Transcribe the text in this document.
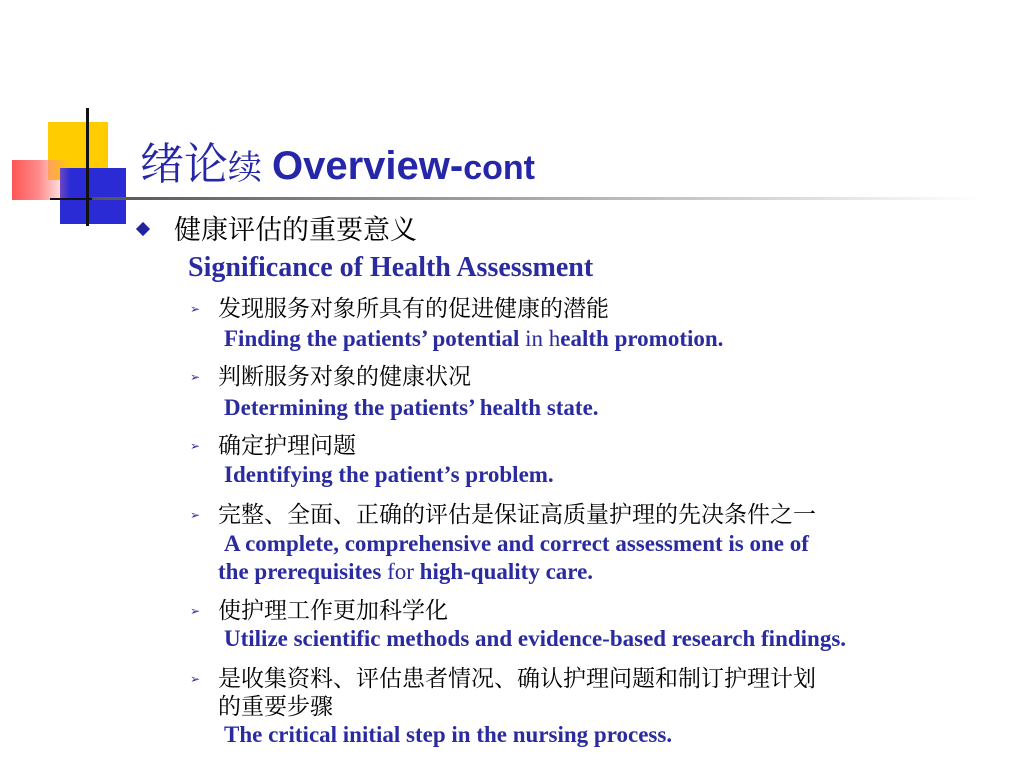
绪论续 Overview-cont
健康评估的重要意义
Significance of Health Assessment
➢ 发现服务对象所具有的促进健康的潜能
Finding the patients’ potential in health promotion.
➢ 判断服务对象的健康状况
Determining the patients’ health state.
➢ 确定护理问题
Identifying the patient’s problem.
➢ 完整、全面、正确的评估是保证高质量护理的先决条件之一
A complete, comprehensive and correct assessment is one of
the prerequisites for high-quality care.
➢ 使护理工作更加科学化
Utilize scientific methods and evidence-based research findings.
➢ 是收集资料、评估患者情况、确认护理问题和制订护理计划
的重要步骤
The critical initial step in the nursing process.
